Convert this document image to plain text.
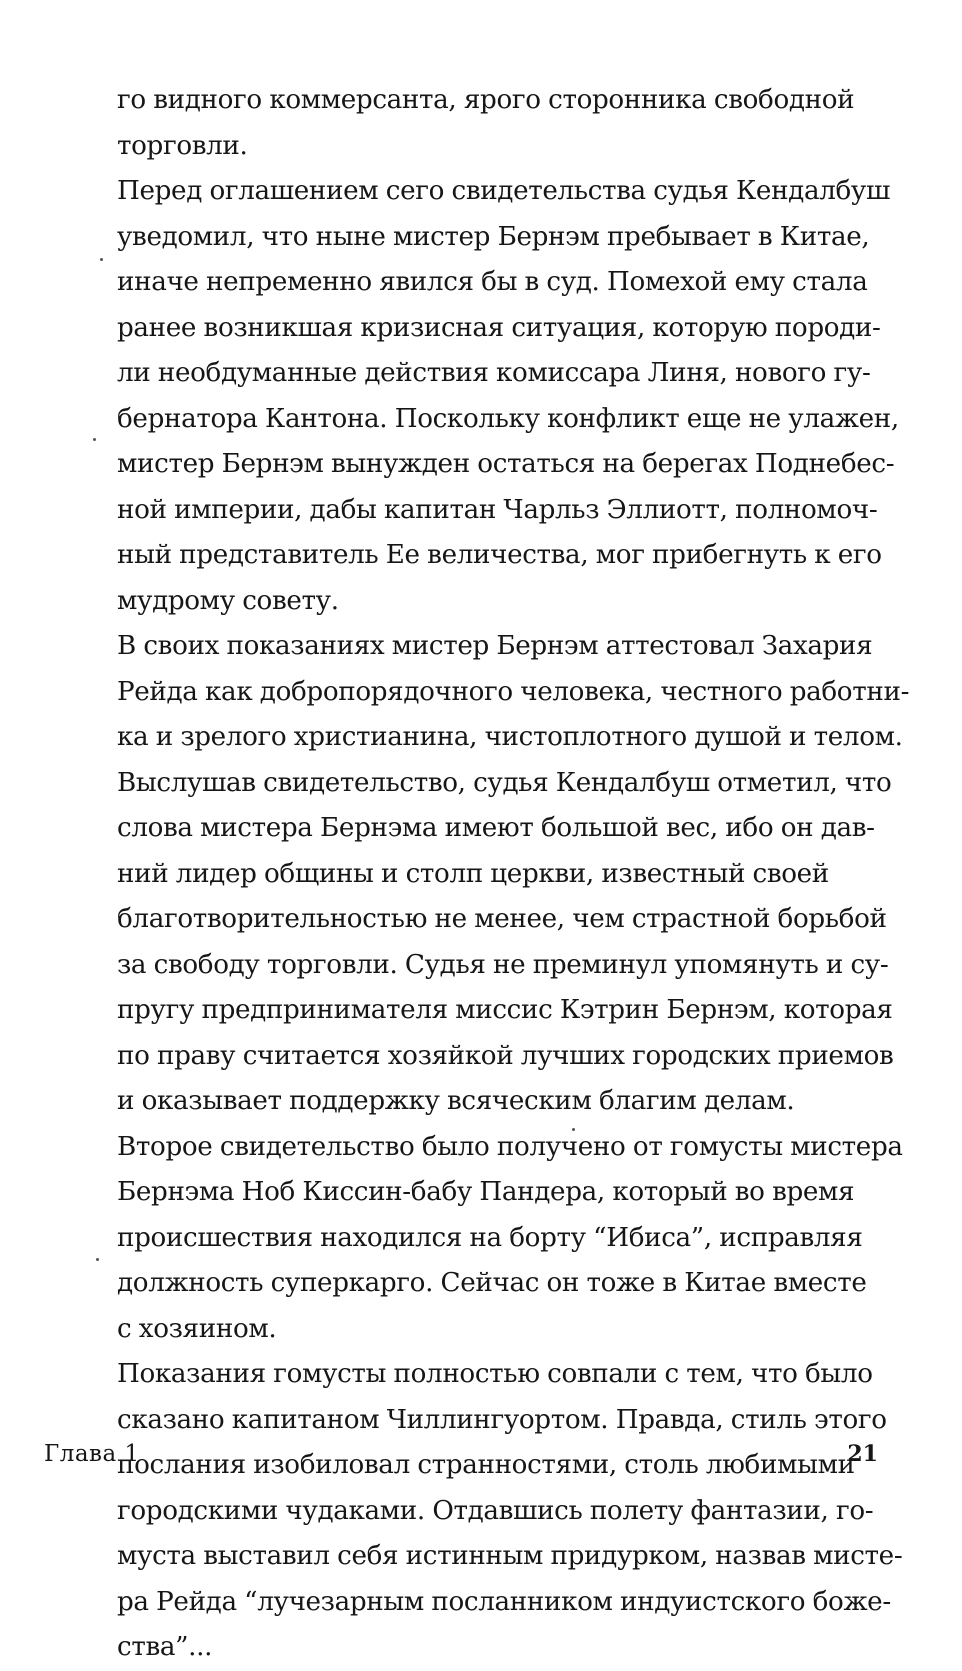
го видного коммерсанта, ярого сторонника свободной
торговли.
Перед оглашением сего свидетельства судья Кендалбуш
уведомил, что ныне мистер Бернэм пребывает в Китае,
иначе непременно явился бы в суд. Помехой ему стала
ранее возникшая кризисная ситуация, которую породи-
ли необдуманные действия комиссара Линя, нового гу-
бернатора Кантона. Поскольку конфликт еще не улажен,
мистер Бернэм вынужден остаться на берегах Поднебес-
ной империи, дабы капитан Чарльз Эллиотт, полномоч-
ный представитель Ее величества, мог прибегнуть к его
мудрому совету.
В своих показаниях мистер Бернэм аттестовал Захария
Рейда как добропорядочного человека, честного работни-
ка и зрелого христианина, чистоплотного душой и телом.
Выслушав свидетельство, судья Кендалбуш отметил, что
слова мистера Бернэма имеют большой вес, ибо он дав-
ний лидер общины и столп церкви, известный своей
благотворительностью не менее, чем страстной борьбой
за свободу торговли. Судья не преминул упомянуть и су-
пругу предпринимателя миссис Кэтрин Бернэм, которая
по праву считается хозяйкой лучших городских приемов
и оказывает поддержку всяческим благим делам.
Второе свидетельство было получено от гомусты мистера
Бернэма Ноб Киссин-бабу Пандера, который во время
происшествия находился на борту “Ибиса”, исправляя
должность суперкарго. Сейчас он тоже в Китае вместе
с хозяином.
Показания гомусты полностью совпали с тем, что было
сказано капитаном Чиллингуортом. Правда, стиль этого
послания изобиловал странностями, столь любимыми
городскими чудаками. Отдавшись полету фантазии, го-
муста выставил себя истинным придурком, назвав мисте-
ра Рейда “лучезарным посланником индуистского боже-
ства”...
Глава 1	21
